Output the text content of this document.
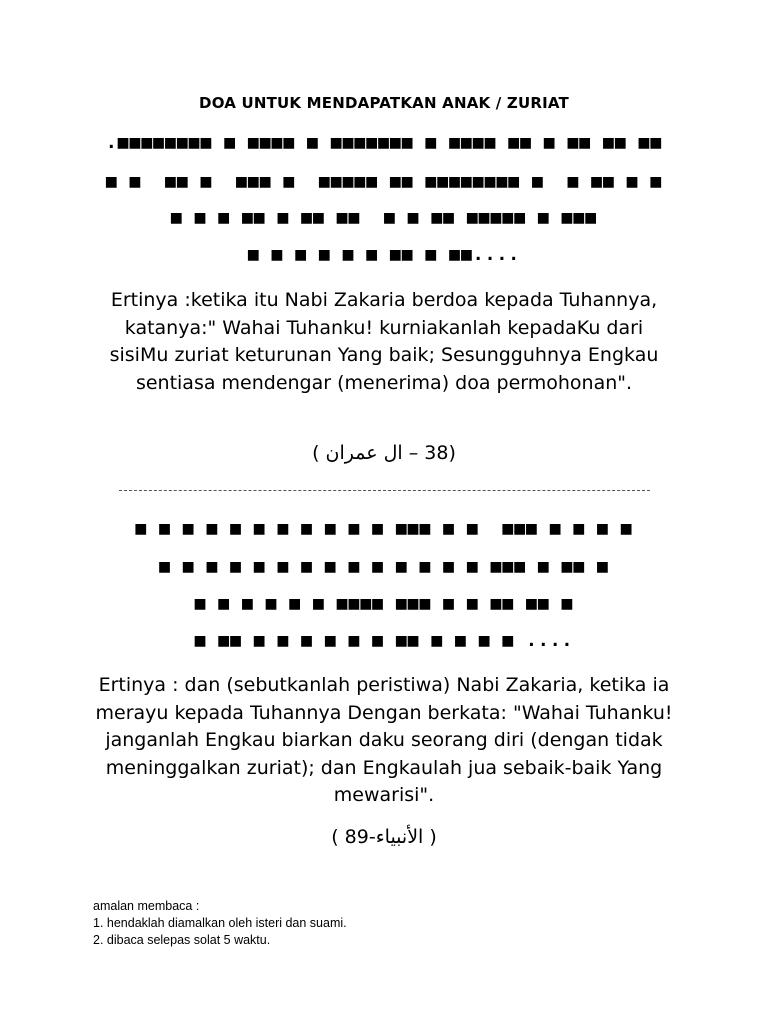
DOA UNTUK MENDAPATKAN ANAK / ZURIAT
.■■■■■■■■ ■ ■■■■ ■ ■■■■■■■ ■ ■■■■ ■■ ■ ■■ ■■ ■■
■ ■  ■■ ■  ■■■ ■  ■■■■■ ■■ ■■■■■■■■ ■  ■ ■■ ■ ■
■ ■ ■ ■■ ■ ■■ ■■  ■ ■ ■■ ■■■■■ ■ ■■■
■ ■ ■ ■ ■ ■ ■■ ■ ■■....
Ertinya :ketika itu Nabi Zakaria berdoa kepada Tuhannya, katanya:" Wahai Tuhanku! kurniakanlah kepadaKu dari sisiMu zuriat keturunan Yang baik; Sesungguhnya Engkau sentiasa mendengar (menerima) doa permohonan".
(38 – ال عمران )
■ ■ ■ ■ ■ ■ ■ ■ ■ ■ ■ ■■■ ■ ■  ■■■ ■ ■ ■ ■
■ ■ ■ ■ ■ ■ ■ ■ ■ ■ ■ ■ ■ ■ ■■■ ■ ■■ ■
■ ■ ■ ■ ■ ■ ■■■■ ■■■ ■ ■ ■■ ■■ ■
■ ■■ ■ ■ ■ ■ ■ ■ ■■ ■ ■ ■ ■ ....
Ertinya : dan (sebutkanlah peristiwa) Nabi Zakaria, ketika ia merayu kepada Tuhannya Dengan berkata: "Wahai Tuhanku! janganlah Engkau biarkan daku seorang diri (dengan tidak meninggalkan zuriat); dan Engkaulah jua sebaik-baik Yang mewarisi".
( الأنبياء-89 )
amalan membaca :
1. hendaklah diamalkan oleh isteri dan suami.
2. dibaca selepas solat 5 waktu.
